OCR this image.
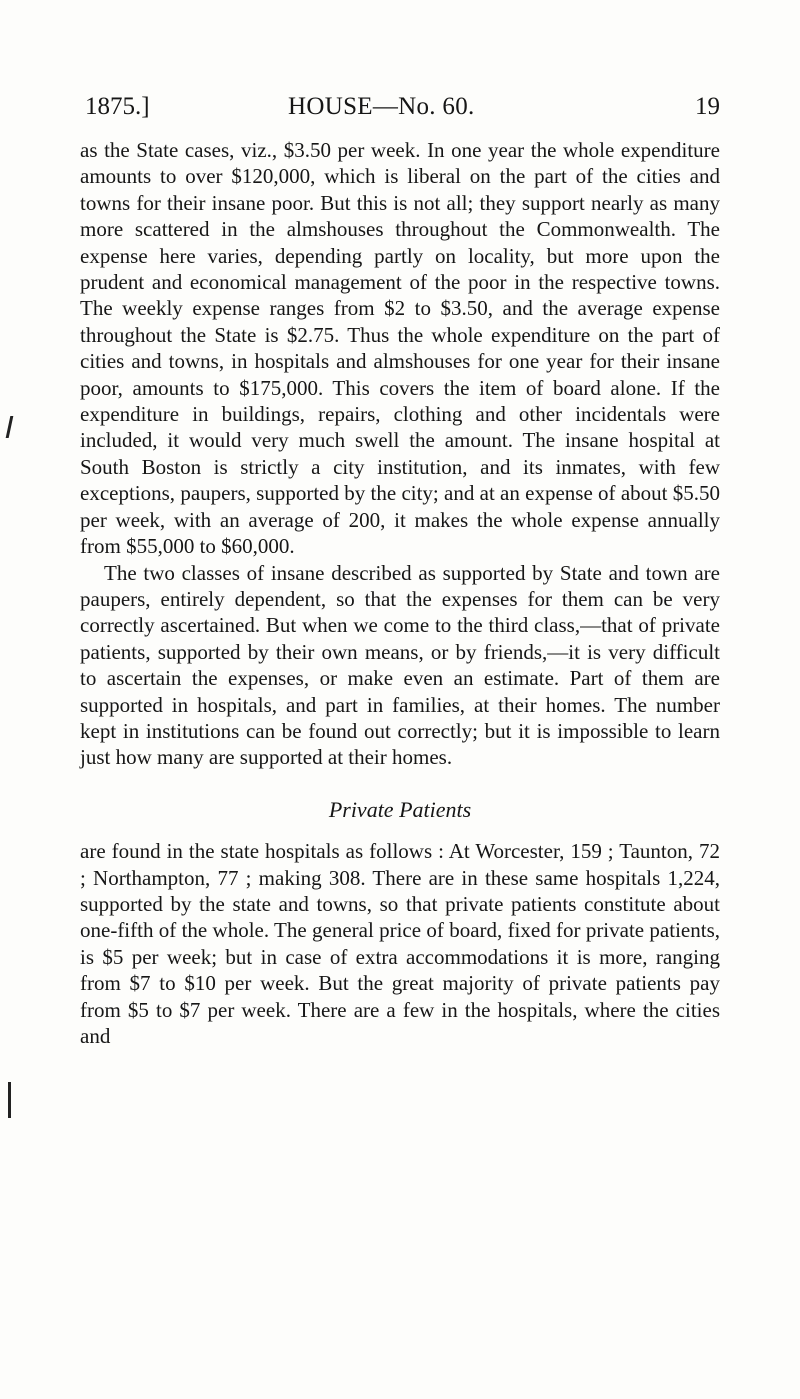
1875.]	HOUSE—No. 60.	19

as the State cases, viz., $3.50 per week. In one year the whole expenditure amounts to over $120,000, which is liberal on the part of the cities and towns for their insane poor. But this is not all; they support nearly as many more scattered in the almshouses throughout the Commonwealth. The expense here varies, depending partly on locality, but more upon the prudent and economical management of the poor in the respective towns. The weekly expense ranges from $2 to $3.50, and the average expense throughout the State is $2.75. Thus the whole expenditure on the part of cities and towns, in hospitals and almshouses for one year for their insane poor, amounts to $175,000. This covers the item of board alone. If the expenditure in buildings, repairs, clothing and other incidentals were included, it would very much swell the amount. The insane hospital at South Boston is strictly a city institution, and its inmates, with few exceptions, paupers, supported by the city; and at an expense of about $5.50 per week, with an average of 200, it makes the whole expense annually from $55,000 to $60,000.

The two classes of insane described as supported by State and town are paupers, entirely dependent, so that the expenses for them can be very correctly ascertained. But when we come to the third class,—that of private patients, supported by their own means, or by friends,—it is very difficult to ascertain the expenses, or make even an estimate. Part of them are supported in hospitals, and part in families, at their homes. The number kept in institutions can be found out correctly; but it is impossible to learn just how many are supported at their homes.

Private Patients

are found in the state hospitals as follows : At Worcester, 159 ; Taunton, 72 ; Northampton, 77 ; making 308. There are in these same hospitals 1,224, supported by the state and towns, so that private patients constitute about one-fifth of the whole. The general price of board, fixed for private patients, is $5 per week; but in case of extra accommodations it is more, ranging from $7 to $10 per week. But the great majority of private patients pay from $5 to $7 per week. There are a few in the hospitals, where the cities and
